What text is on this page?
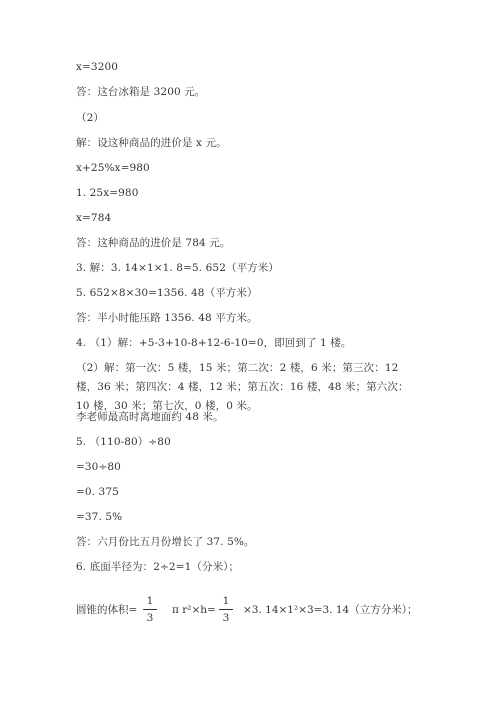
x=3200
答：这台冰箱是 3200 元。
（2）
解：设这种商品的进价是 x 元。
x+25%x=980
1. 25x=980
x=784
答：这种商品的进价是 784 元。
3. 解：3. 14×1×1. 8=5. 652（平方米）
5. 652×8×30=1356. 48（平方米）
答：半小时能压路 1356. 48 平方米。
4. （1）解：+5-3+10-8+12-6-10=0，即回到了 1 楼。
（2）解：第一次：5 楼，15 米；第二次：2 楼，6 米；第三次：12 楼，36 米；第四次：4 楼，12 米；第五次：16 楼，48 米；第六次：10 楼，30 米；第七次，0 楼，0 米。
李老师最高时离地面约 48 米。
5. （110-80）÷80
=30÷80
=0. 375
=37. 5%
答：六月份比五月份增长了 37. 5%。
6. 底面半径为：2÷2=1（分米）；
圆锥的体积=
1
3
π r²×h=
1
3
×3. 14×1²×3=3. 14（立方分米）；
